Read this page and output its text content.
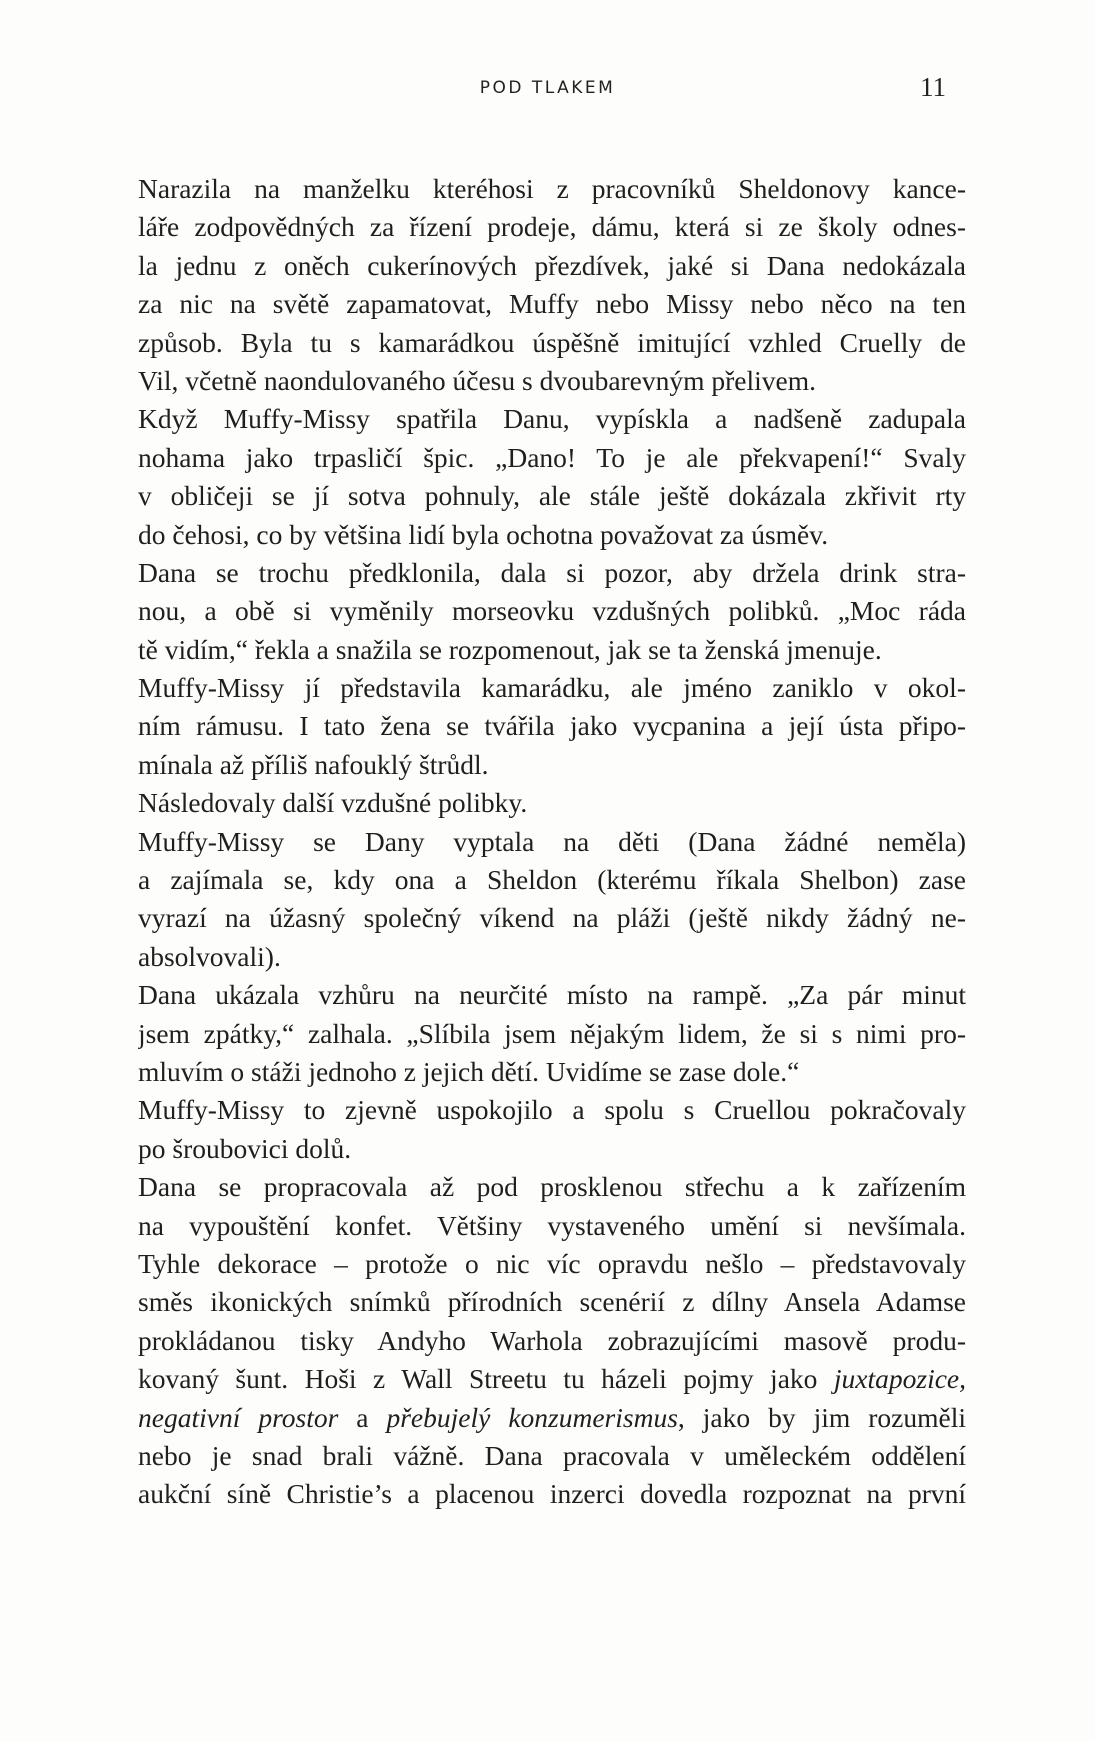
POD TLAKEM	11

Narazila na manželku kteréhosi z pracovníků Sheldonovy kance-
láře zodpovědných za řízení prodeje, dámu, která si ze školy odnes-
la jednu z oněch cukerínových přezdívek, jaké si Dana nedokázala
za nic na světě zapamatovat, Muffy nebo Missy nebo něco na ten
způsob. Byla tu s kamarádkou úspěšně imitující vzhled Cruelly de
Vil, včetně naondulovaného účesu s dvoubarevným přelivem.

Když Muffy-Missy spatřila Danu, vypískla a nadšeně zadupala
nohama jako trpasličí špic. „Dano! To je ale překvapení!“ Svaly
v obličeji se jí sotva pohnuly, ale stále ještě dokázala zkřivit rty
do čehosi, co by většina lidí byla ochotna považovat za úsměv.

Dana se trochu předklonila, dala si pozor, aby držela drink stra-
nou, a obě si vyměnily morseovku vzdušných polibků. „Moc ráda
tě vidím,“ řekla a snažila se rozpomenout, jak se ta ženská jmenuje.

Muffy-Missy jí představila kamarádku, ale jméno zaniklo v okol-
ním rámusu. I tato žena se tvářila jako vycpanina a její ústa připo-
mínala až příliš nafouklý štrůdl.

Následovaly další vzdušné polibky.

Muffy-Missy se Dany vyptala na děti (Dana žádné neměla)
a zajímala se, kdy ona a Sheldon (kterému říkala Shelbon) zase
vyrazí na úžasný společný víkend na pláži (ještě nikdy žádný ne-
absolvovali).

Dana ukázala vzhůru na neurčité místo na rampě. „Za pár minut
jsem zpátky,“ zalhala. „Slíbila jsem nějakým lidem, že si s nimi pro-
mluvím o stáži jednoho z jejich dětí. Uvidíme se zase dole.“

Muffy-Missy to zjevně uspokojilo a spolu s Cruellou pokračovaly
po šroubovici dolů.

Dana se propracovala až pod prosklenou střechu a k zařízením
na vypouštění konfet. Většiny vystaveného umění si nevšímala.
Tyhle dekorace – protože o nic víc opravdu nešlo – představovaly
směs ikonických snímků přírodních scenérií z dílny Ansela Adamse
prokládanou tisky Andyho Warhola zobrazujícími masově produ-
kovaný šunt. Hoši z Wall Streetu tu házeli pojmy jako juxtapozice,
negativní prostor a přebujelý konzumerismus, jako by jim rozuměli
nebo je snad brali vážně. Dana pracovala v uměleckém oddělení
aukční síně Christie’s a placenou inzerci dovedla rozpoznat na první
